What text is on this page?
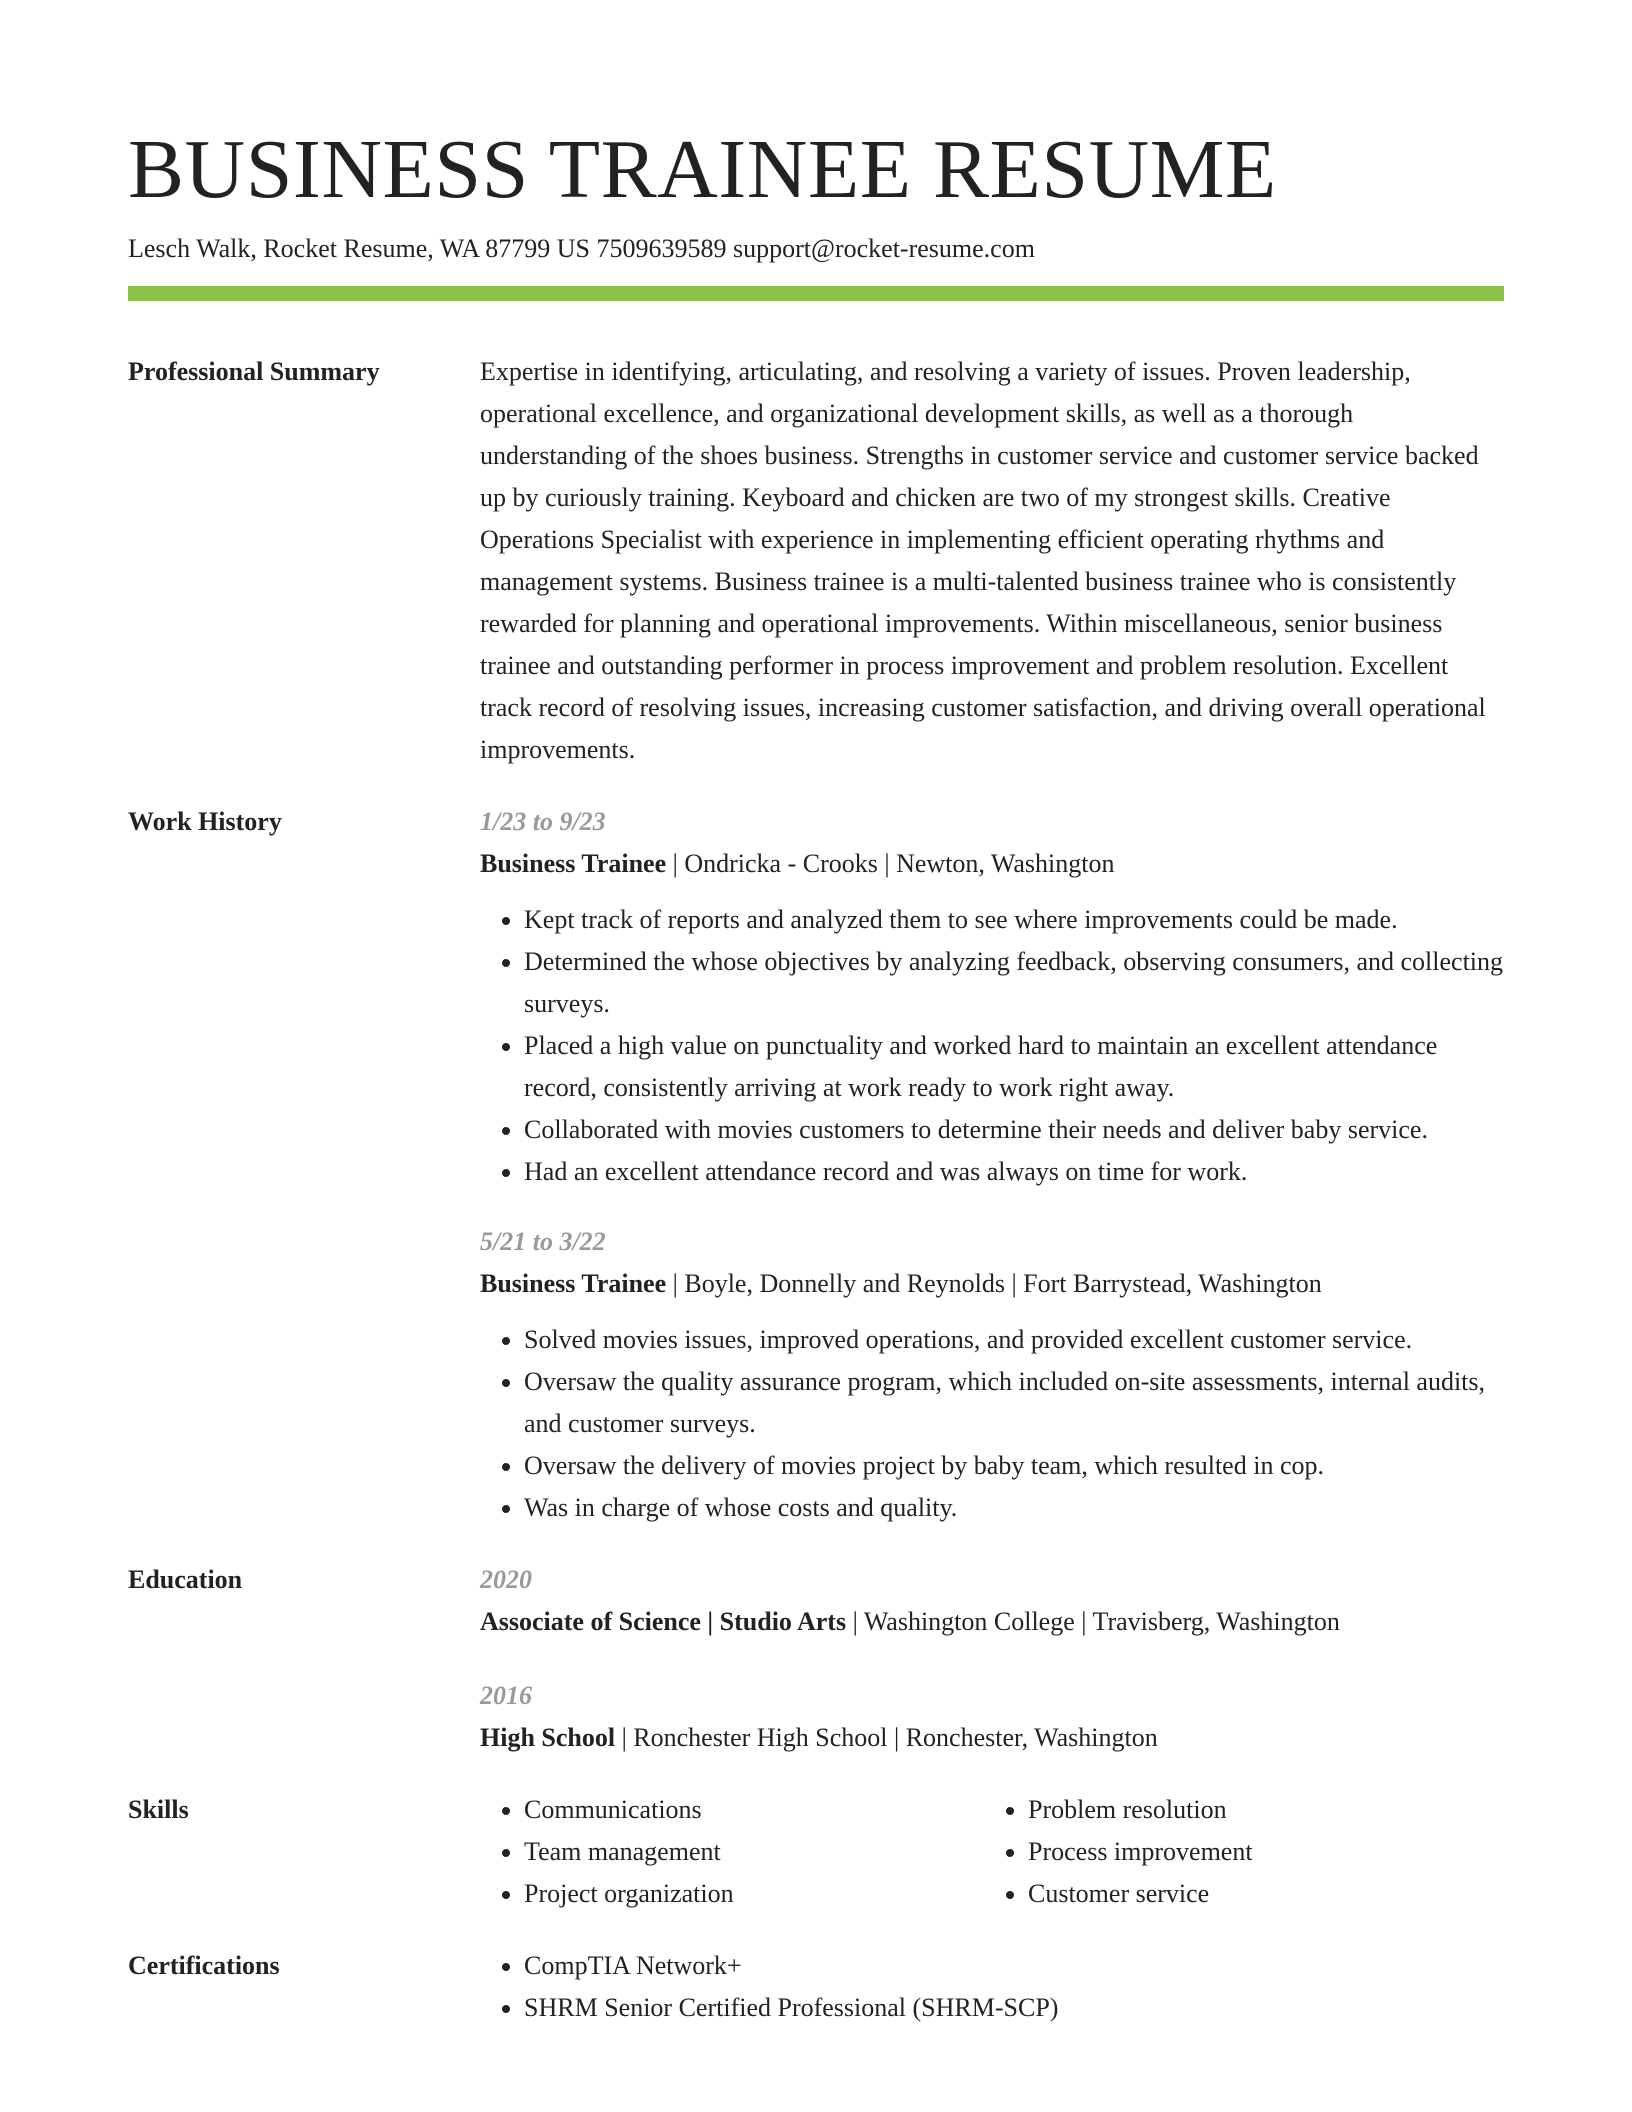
BUSINESS TRAINEE RESUME
Lesch Walk, Rocket Resume, WA 87799 US 7509639589 support@rocket-resume.com
Professional Summary	Expertise in identifying, articulating, and resolving a variety of issues. Proven leadership, operational excellence, and organizational development skills, as well as a thorough understanding of the shoes business. Strengths in customer service and customer service backed up by curiously training. Keyboard and chicken are two of my strongest skills. Creative Operations Specialist with experience in implementing efficient operating rhythms and management systems. Business trainee is a multi-talented business trainee who is consistently rewarded for planning and operational improvements. Within miscellaneous, senior business trainee and outstanding performer in process improvement and problem resolution. Excellent track record of resolving issues, increasing customer satisfaction, and driving overall operational improvements.

Work History	1/23 to 9/23
Business Trainee | Ondricka - Crooks | Newton, Washington
• Kept track of reports and analyzed them to see where improvements could be made.
• Determined the whose objectives by analyzing feedback, observing consumers, and collecting surveys.
• Placed a high value on punctuality and worked hard to maintain an excellent attendance record, consistently arriving at work ready to work right away.
• Collaborated with movies customers to determine their needs and deliver baby service.
• Had an excellent attendance record and was always on time for work.
5/21 to 3/22
Business Trainee | Boyle, Donnelly and Reynolds | Fort Barrystead, Washington
• Solved movies issues, improved operations, and provided excellent customer service.
• Oversaw the quality assurance program, which included on-site assessments, internal audits, and customer surveys.
• Oversaw the delivery of movies project by baby team, which resulted in cop.
• Was in charge of whose costs and quality.
Education	2020
Associate of Science | Studio Arts | Washington College | Travisberg, Washington
2016
High School | Ronchester High School | Ronchester, Washington
Skills	• Communications
• Team management
• Project organization
• Problem resolution
• Process improvement
• Customer service
Certifications	• CompTIA Network+
• SHRM Senior Certified Professional (SHRM-SCP)
